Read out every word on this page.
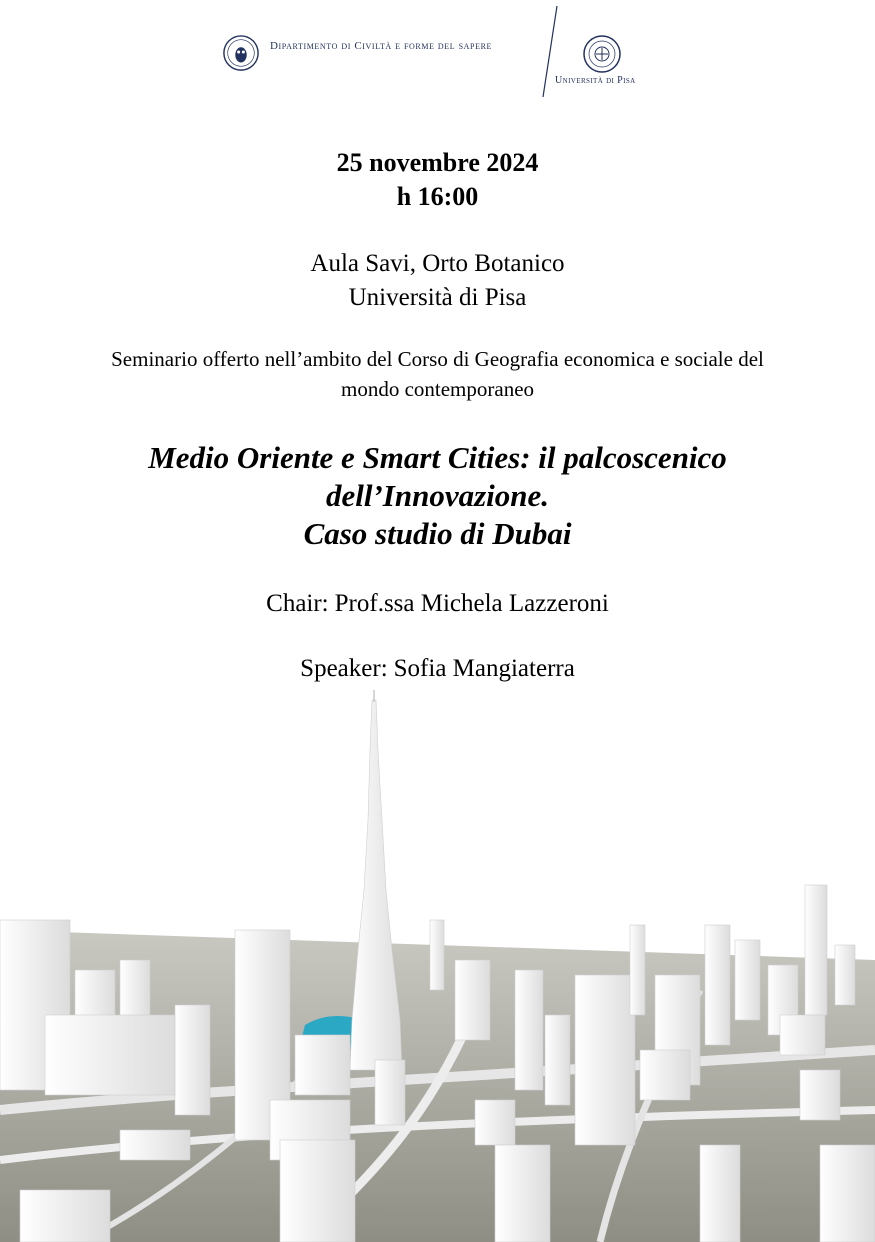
Dipartimento di Civiltà e forme del sapere
Università di Pisa
25 novembre 2024
h 16:00
Aula Savi, Orto Botanico
Università di Pisa
Seminario offerto nell’ambito del Corso di Geografia economica e sociale del
mondo contemporaneo
Medio Oriente e Smart Cities: il palcoscenico
dell’Innovazione.
Caso studio di Dubai
Chair: Prof.ssa Michela Lazzeroni
Speaker: Sofia Mangiaterra
